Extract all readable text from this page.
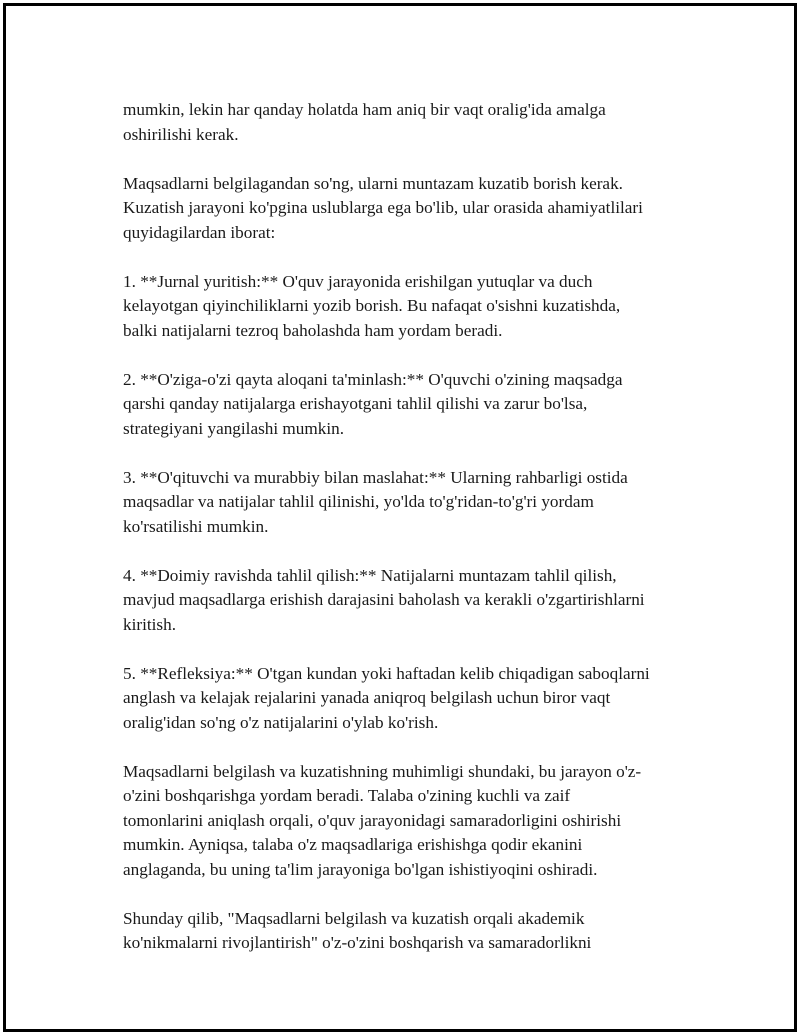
mumkin, lekin har qanday holatda ham aniq bir vaqt oralig'ida amalga
oshirilishi kerak.

Maqsadlarni belgilagandan so'ng, ularni muntazam kuzatib borish kerak.
Kuzatish jarayoni ko'pgina uslublarga ega bo'lib, ular orasida ahamiyatlilari
quyidagilardan iborat:

1. **Jurnal yuritish:** O'quv jarayonida erishilgan yutuqlar va duch
kelayotgan qiyinchiliklarni yozib borish. Bu nafaqat o'sishni kuzatishda,
balki natijalarni tezroq baholashda ham yordam beradi.

2. **O'ziga-o'zi qayta aloqani ta'minlash:** O'quvchi o'zining maqsadga
qarshi qanday natijalarga erishayotgani tahlil qilishi va zarur bo'lsa,
strategiyani yangilashi mumkin.

3. **O'qituvchi va murabbiy bilan maslahat:** Ularning rahbarligi ostida
maqsadlar va natijalar tahlil qilinishi, yo'lda to'g'ridan-to'g'ri yordam
ko'rsatilishi mumkin.

4. **Doimiy ravishda tahlil qilish:** Natijalarni muntazam tahlil qilish,
mavjud maqsadlarga erishish darajasini baholash va kerakli o'zgartirishlarni
kiritish.

5. **Refleksiya:** O'tgan kundan yoki haftadan kelib chiqadigan saboqlarni
anglash va kelajak rejalarini yanada aniqroq belgilash uchun biror vaqt
oralig'idan so'ng o'z natijalarini o'ylab ko'rish.

Maqsadlarni belgilash va kuzatishning muhimligi shundaki, bu jarayon o'z-
o'zini boshqarishga yordam beradi. Talaba o'zining kuchli va zaif
tomonlarini aniqlash orqali, o'quv jarayonidagi samaradorligini oshirishi
mumkin. Ayniqsa, talaba o'z maqsadlariga erishishga qodir ekanini
anglaganda, bu uning ta'lim jarayoniga bo'lgan ishistiyoqini oshiradi.

Shunday qilib, "Maqsadlarni belgilash va kuzatish orqali akademik
ko'nikmalarni rivojlantirish" o'z-o'zini boshqarish va samaradorlikni
